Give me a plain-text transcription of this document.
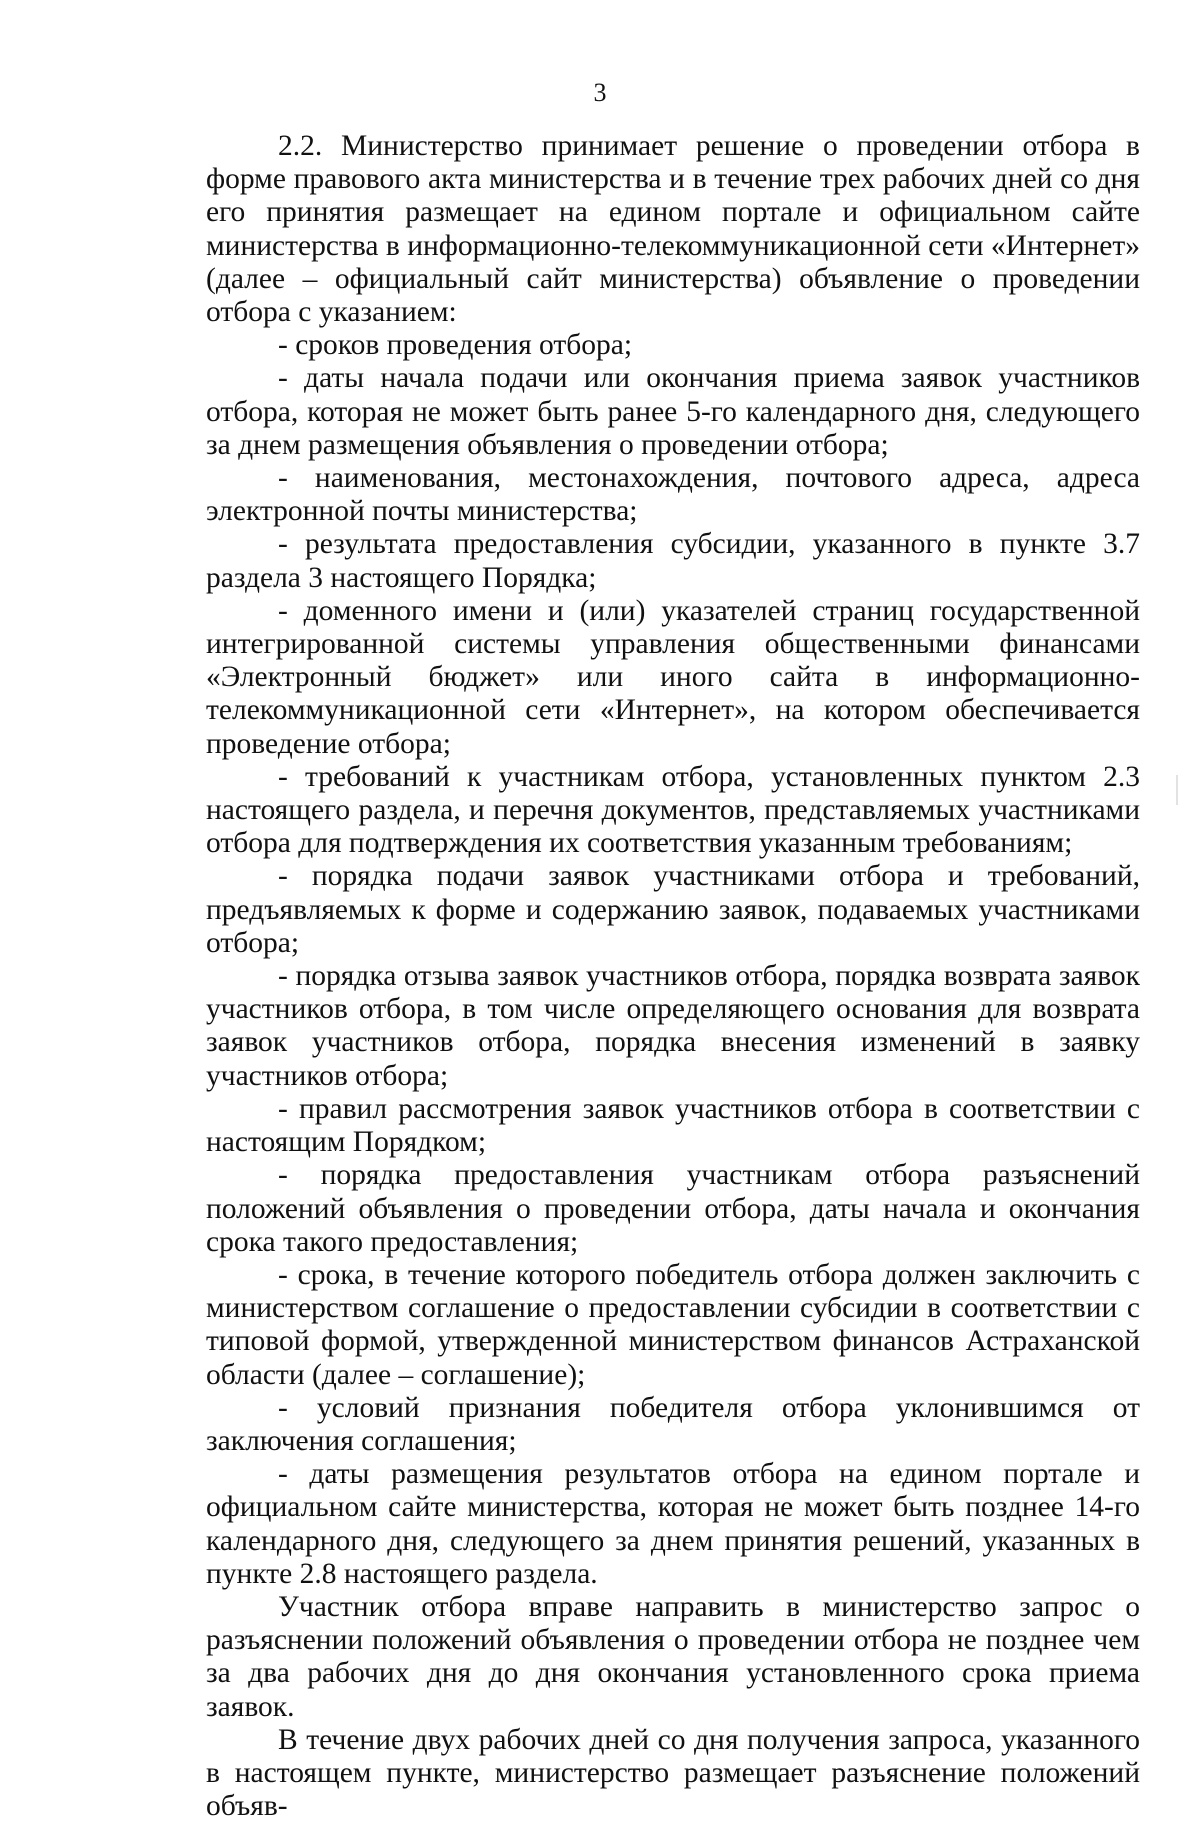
3

2.2. Министерство принимает решение о проведении отбора в форме правового акта министерства и в течение трех рабочих дней со дня его принятия размещает на едином портале и официальном сайте министерства в информационно-телекоммуникационной сети «Интернет» (далее – официальный сайт министерства) объявление о проведении отбора с указанием:

- сроков проведения отбора;

- даты начала подачи или окончания приема заявок участников отбора, которая не может быть ранее 5-го календарного дня, следующего за днем размещения объявления о проведении отбора;

- наименования, местонахождения, почтового адреса, адреса электронной почты министерства;

- результата предоставления субсидии, указанного в пункте 3.7 раздела 3 настоящего Порядка;

- доменного имени и (или) указателей страниц государственной интегрированной системы управления общественными финансами «Электронный бюджет» или иного сайта в информационно-телекоммуникационной сети «Интернет», на котором обеспечивается проведение отбора;

- требований к участникам отбора, установленных пунктом 2.3 настоящего раздела, и перечня документов, представляемых участниками отбора для подтверждения их соответствия указанным требованиям;

- порядка подачи заявок участниками отбора и требований, предъявляемых к форме и содержанию заявок, подаваемых участниками отбора;

- порядка отзыва заявок участников отбора, порядка возврата заявок участников отбора, в том числе определяющего основания для возврата заявок участников отбора, порядка внесения изменений в заявку участников отбора;

- правил рассмотрения заявок участников отбора в соответствии с настоящим Порядком;

- порядка предоставления участникам отбора разъяснений положений объявления о проведении отбора, даты начала и окончания срока такого предоставления;

- срока, в течение которого победитель отбора должен заключить с министерством соглашение о предоставлении субсидии в соответствии с типовой формой, утвержденной министерством финансов Астраханской области (далее – соглашение);

- условий признания победителя отбора уклонившимся от заключения соглашения;

- даты размещения результатов отбора на едином портале и официальном сайте министерства, которая не может быть позднее 14-го календарного дня, следующего за днем принятия решений, указанных в пункте 2.8 настоящего раздела.

Участник отбора вправе направить в министерство запрос о разъяснении положений объявления о проведении отбора не позднее чем за два рабочих дня до дня окончания установленного срока приема заявок.

В течение двух рабочих дней со дня получения запроса, указанного в настоящем пункте, министерство размещает разъяснение положений объяв-
